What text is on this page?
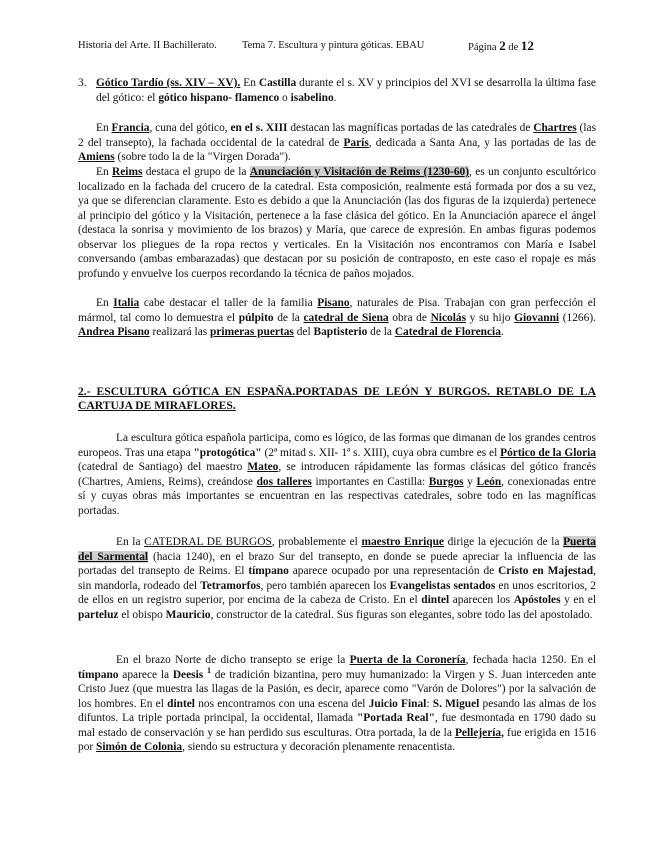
Historia del Arte. II Bachillerato. Tema 7. Escultura y pintura góticas. EBAU	Página 2 de 12
3. Gótico Tardío (ss. XIV – XV). En Castilla durante el s. XV y principios del XVI se desarrolla la última fase del gótico: el gótico hispano- flamenco o isabelino.

En Francia, cuna del gótico, en el s. XIII destacan las magníficas portadas de las catedrales de Chartres (las 2 del transepto), la fachada occidental de la catedral de París, dedicada a Santa Ana, y las portadas de las de Amiens (sobre todo la de la "Virgen Dorada").

En Reims destaca el grupo de la Anunciación y Visitación de Reims (1230-60), es un conjunto escultórico localizado en la fachada del crucero de la catedral. Esta composición, realmente está formada por dos a su vez, ya que se diferencian claramente. Esto es debido a que la Anunciación (las dos figuras de la izquierda) pertenece al principio del gótico y la Visitación, pertenece a la fase clásica del gótico. En la Anunciación aparece el ángel (destaca la sonrisa y movimiento de los brazos) y María, que carece de expresión. En ambas figuras podemos observar los pliegues de la ropa rectos y verticales. En la Visitación nos encontramos con María e Isabel conversando (ambas embarazadas) que destacan por su posición de contraposto, en este caso el ropaje es más profundo y envuelve los cuerpos recordando la técnica de paños mojados.

En Italia cabe destacar el taller de la familia Pisano, naturales de Pisa. Trabajan con gran perfección el mármol, tal como lo demuestra el púlpito de la catedral de Siena obra de Nicolás y su hijo Giovanni (1266). Andrea Pisano realizará las primeras puertas del Baptisterio de la Catedral de Florencia.

2.- ESCULTURA GÓTICA EN ESPAÑA.PORTADAS DE LEÓN Y BURGOS. RETABLO DE LA CARTUJA DE MIRAFLORES.

La escultura gótica española participa, como es lógico, de las formas que dimanan de los grandes centros europeos. Tras una etapa "protogótica" (2ª mitad s. XII- 1ª s. XIII), cuya obra cumbre es el Pórtico de la Gloria (catedral de Santiago) del maestro Mateo, se introducen rápidamente las formas clásicas del gótico francés (Chartres, Amiens, Reims), creándose dos talleres importantes en Castilla: Burgos y León, conexionadas entre sí y cuyas obras más importantes se encuentran en las respectivas catedrales, sobre todo en las magníficas portadas.

En la CATEDRAL DE BURGOS, probablemente el maestro Enrique dirige la ejecución de la Puerta del Sarmental (hacia 1240), en el brazo Sur del transepto, en donde se puede apreciar la influencia de las portadas del transepto de Reims. El tímpano aparece ocupado por una representación de Cristo en Majestad, sin mandorla, rodeado del Tetramorfos, pero también aparecen los Evangelistas sentados en unos escritorios, 2 de ellos en un registro superior, por encima de la cabeza de Cristo. En el dintel aparecen los Apóstoles y en el parteluz el obispo Mauricio, constructor de la catedral. Sus figuras son elegantes, sobre todo las del apostolado.

En el brazo Norte de dicho transepto se erige la Puerta de la Coronería, fechada hacia 1250. En el tímpano aparece la Deesis $^1$ de tradición bizantina, pero muy humanizado: la Virgen y S. Juan interceden ante Cristo Juez (que muestra las llagas de la Pasión, es decir, aparece como "Varón de Dolores") por la salvación de los hombres. En el dintel nos encontramos con una escena del Juicio Final: S. Miguel pesando las almas de los difuntos. La triple portada principal, la occidental, llamada "Portada Real", fue desmontada en 1790 dado su mal estado de conservación y se han perdido sus esculturas. Otra portada, la de la Pellejería, fue erigida en 1516 por Simón de Colonia, siendo su estructura y decoración plenamente renacentista.
